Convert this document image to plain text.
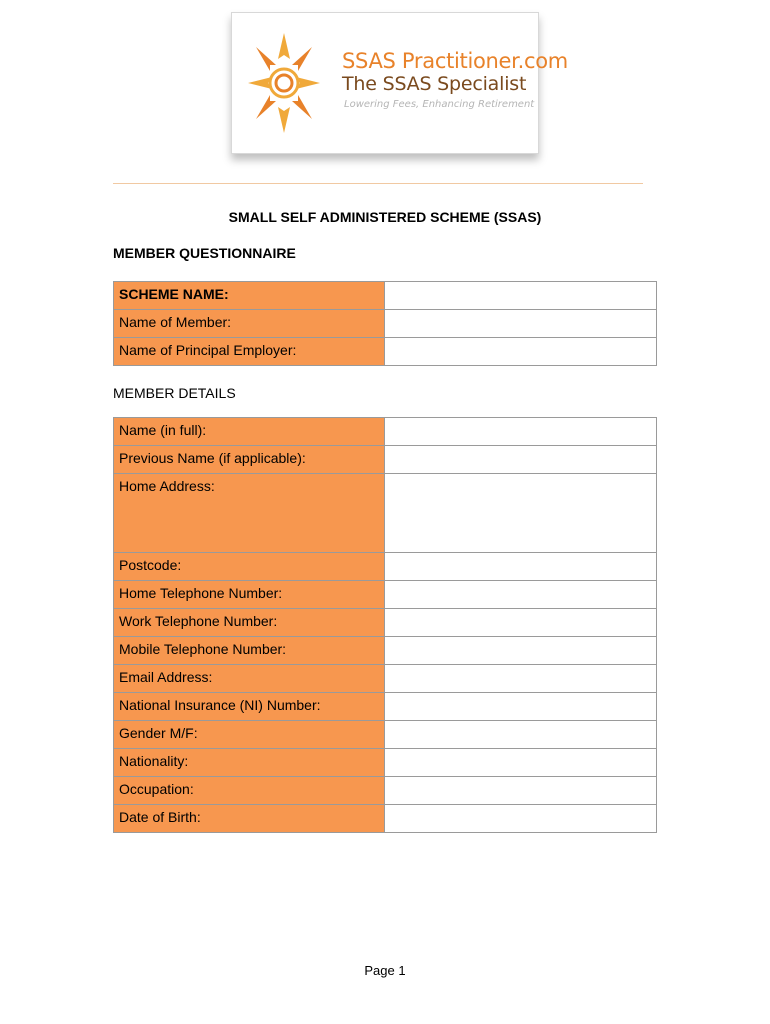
SSAS Practitioner.com
The SSAS Specialist
Lowering Fees, Enhancing Retirement
SMALL SELF ADMINISTERED SCHEME (SSAS)
MEMBER QUESTIONNAIRE
SCHEME NAME:	

Name of Member:	

Name of Principal Employer:	

MEMBER DETAILS
Name (in full):	

Previous Name (if applicable):	

Home Address:	

Postcode:	

Home Telephone Number:	

Work Telephone Number:	

Mobile Telephone Number:	

Email Address:	

National Insurance (NI) Number:	

Gender M/F:	

Nationality:	

Occupation:	

Date of Birth:	

Page 1
